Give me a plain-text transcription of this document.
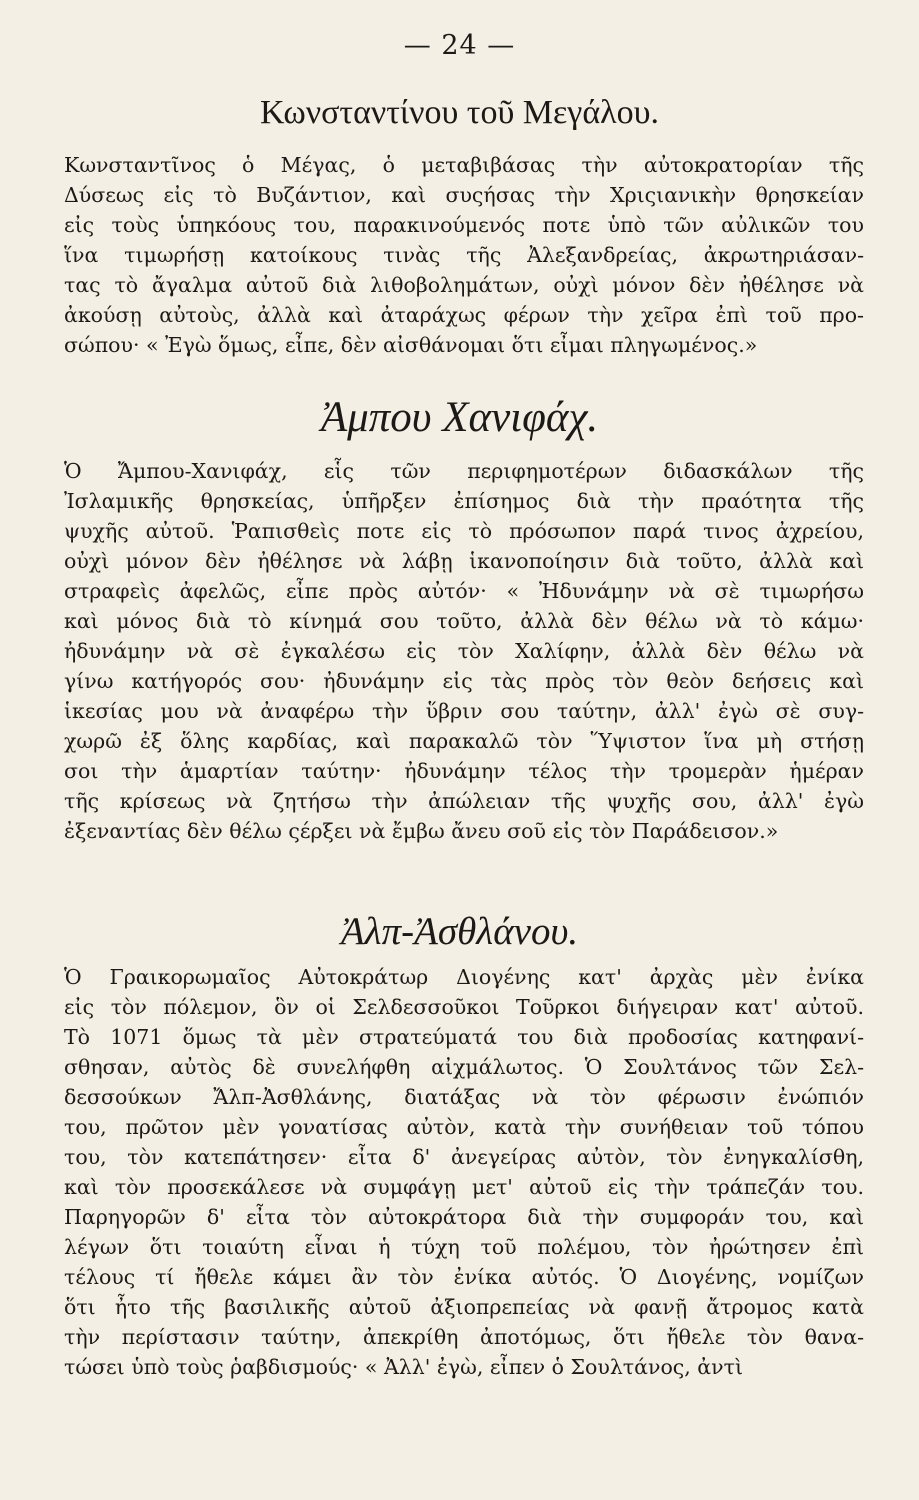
— 24 —
Κωνσταντίνου τοῦ Μεγάλου.
Κωνσταντῖνος ὁ Μέγας, ὁ μεταβιβάσας τὴν αὐτοκρατορίαν τῆς
Δύσεως εἰς τὸ Βυζάντιον, καὶ συςήσας τὴν Χριςιανικὴν θρησκείαν
εἰς τοὺς ὑπηκόους του, παρακινούμενός ποτε ὑπὸ τῶν αὐλικῶν του
ἵνα τιμωρήσῃ κατοίκους τινὰς τῆς Ἀλεξανδρείας, ἀκρωτηριάσαν-
τας τὸ ἄγαλμα αὐτοῦ διὰ λιθοβολημάτων, οὐχὶ μόνον δὲν ἠθέλησε νὰ
ἀκούσῃ αὐτοὺς, ἀλλὰ καὶ ἀταράχως φέρων τὴν χεῖρα ἐπὶ τοῦ προ-
σώπου· « Ἐγὼ ὅμως, εἶπε, δὲν αἰσθάνομαι ὅτι εἶμαι πληγωμένος.»
Ἀμπου Χανιφάχ.
Ὁ Ἄμπου-Χανιφάχ, εἷς τῶν περιφημοτέρων διδασκάλων τῆς
Ἰσλαμικῆς θρησκείας, ὑπῆρξεν ἐπίσημος διὰ τὴν πραότητα τῆς
ψυχῆς αὐτοῦ. Ῥαπισθεὶς ποτε εἰς τὸ πρόσωπον παρά τινος ἀχρείου,
οὐχὶ μόνον δὲν ἠθέλησε νὰ λάβῃ ἱκανοποίησιν διὰ τοῦτο, ἀλλὰ καὶ
στραφεὶς ἀφελῶς, εἶπε πρὸς αὐτόν· « Ἠδυνάμην νὰ σὲ τιμωρήσω
καὶ μόνος διὰ τὸ κίνημά σου τοῦτο, ἀλλὰ δὲν θέλω νὰ τὸ κάμω·
ἠδυνάμην νὰ σὲ ἐγκαλέσω εἰς τὸν Χαλίφην, ἀλλὰ δὲν θέλω νὰ
γίνω κατήγορός σου· ἠδυνάμην εἰς τὰς πρὸς τὸν θεὸν δεήσεις καὶ
ἱκεσίας μου νὰ ἀναφέρω τὴν ὕβριν σου ταύτην, ἀλλ' ἐγὼ σὲ συγ-
χωρῶ ἐξ ὅλης καρδίας, καὶ παρακαλῶ τὸν Ὕψιστον ἵνα μὴ στήσῃ
σοι τὴν ἁμαρτίαν ταύτην· ἠδυνάμην τέλος τὴν τρομερὰν ἡμέραν
τῆς κρίσεως νὰ ζητήσω τὴν ἀπώλειαν τῆς ψυχῆς σου, ἀλλ' ἐγὼ
ἐξεναντίας δὲν θέλω ςέρξει νὰ ἔμβω ἄνευ σοῦ εἰς τὸν Παράδεισον.»
Ἀλπ-Ἀσθλάνου.
Ὁ Γραικορωμαῖος Αὐτοκράτωρ Διογένης κατ' ἀρχὰς μὲν ἐνίκα
εἰς τὸν πόλεμον, ὃν οἱ Σελδεσσοῦκοι Τοῦρκοι διήγειραν κατ' αὐτοῦ.
Τὸ 1071 ὅμως τὰ μὲν στρατεύματά του διὰ προδοσίας κατηφανί-
σθησαν, αὐτὸς δὲ συνελήφθη αἰχμάλωτος. Ὁ Σουλτάνος τῶν Σελ-
δεσσούκων Ἄλπ-Ἀσθλάνης, διατάξας νὰ τὸν φέρωσιν ἐνώπιόν
του, πρῶτον μὲν γονατίσας αὐτὸν, κατὰ τὴν συνήθειαν τοῦ τόπου
του, τὸν κατεπάτησεν· εἶτα δ' ἀνεγείρας αὐτὸν, τὸν ἐνηγκαλίσθη,
καὶ τὸν προσεκάλεσε νὰ συμφάγῃ μετ' αὐτοῦ εἰς τὴν τράπεζάν του.
Παρηγορῶν δ' εἶτα τὸν αὐτοκράτορα διὰ τὴν συμφοράν του, καὶ
λέγων ὅτι τοιαύτη εἶναι ἡ τύχη τοῦ πολέμου, τὸν ἠρώτησεν ἐπὶ
τέλους τί ἤθελε κάμει ἂν τὸν ἐνίκα αὐτός. Ὁ Διογένης, νομίζων
ὅτι ἦτο τῆς βασιλικῆς αὐτοῦ ἀξιοπρεπείας νὰ φανῇ ἄτρομος κατὰ
τὴν περίστασιν ταύτην, ἀπεκρίθη ἀποτόμως, ὅτι ἤθελε τὸν θανα-
τώσει ὑπὸ τοὺς ῥαβδισμούς· « Ἀλλ' ἐγὼ, εἶπεν ὁ Σουλτάνος, ἀντὶ
